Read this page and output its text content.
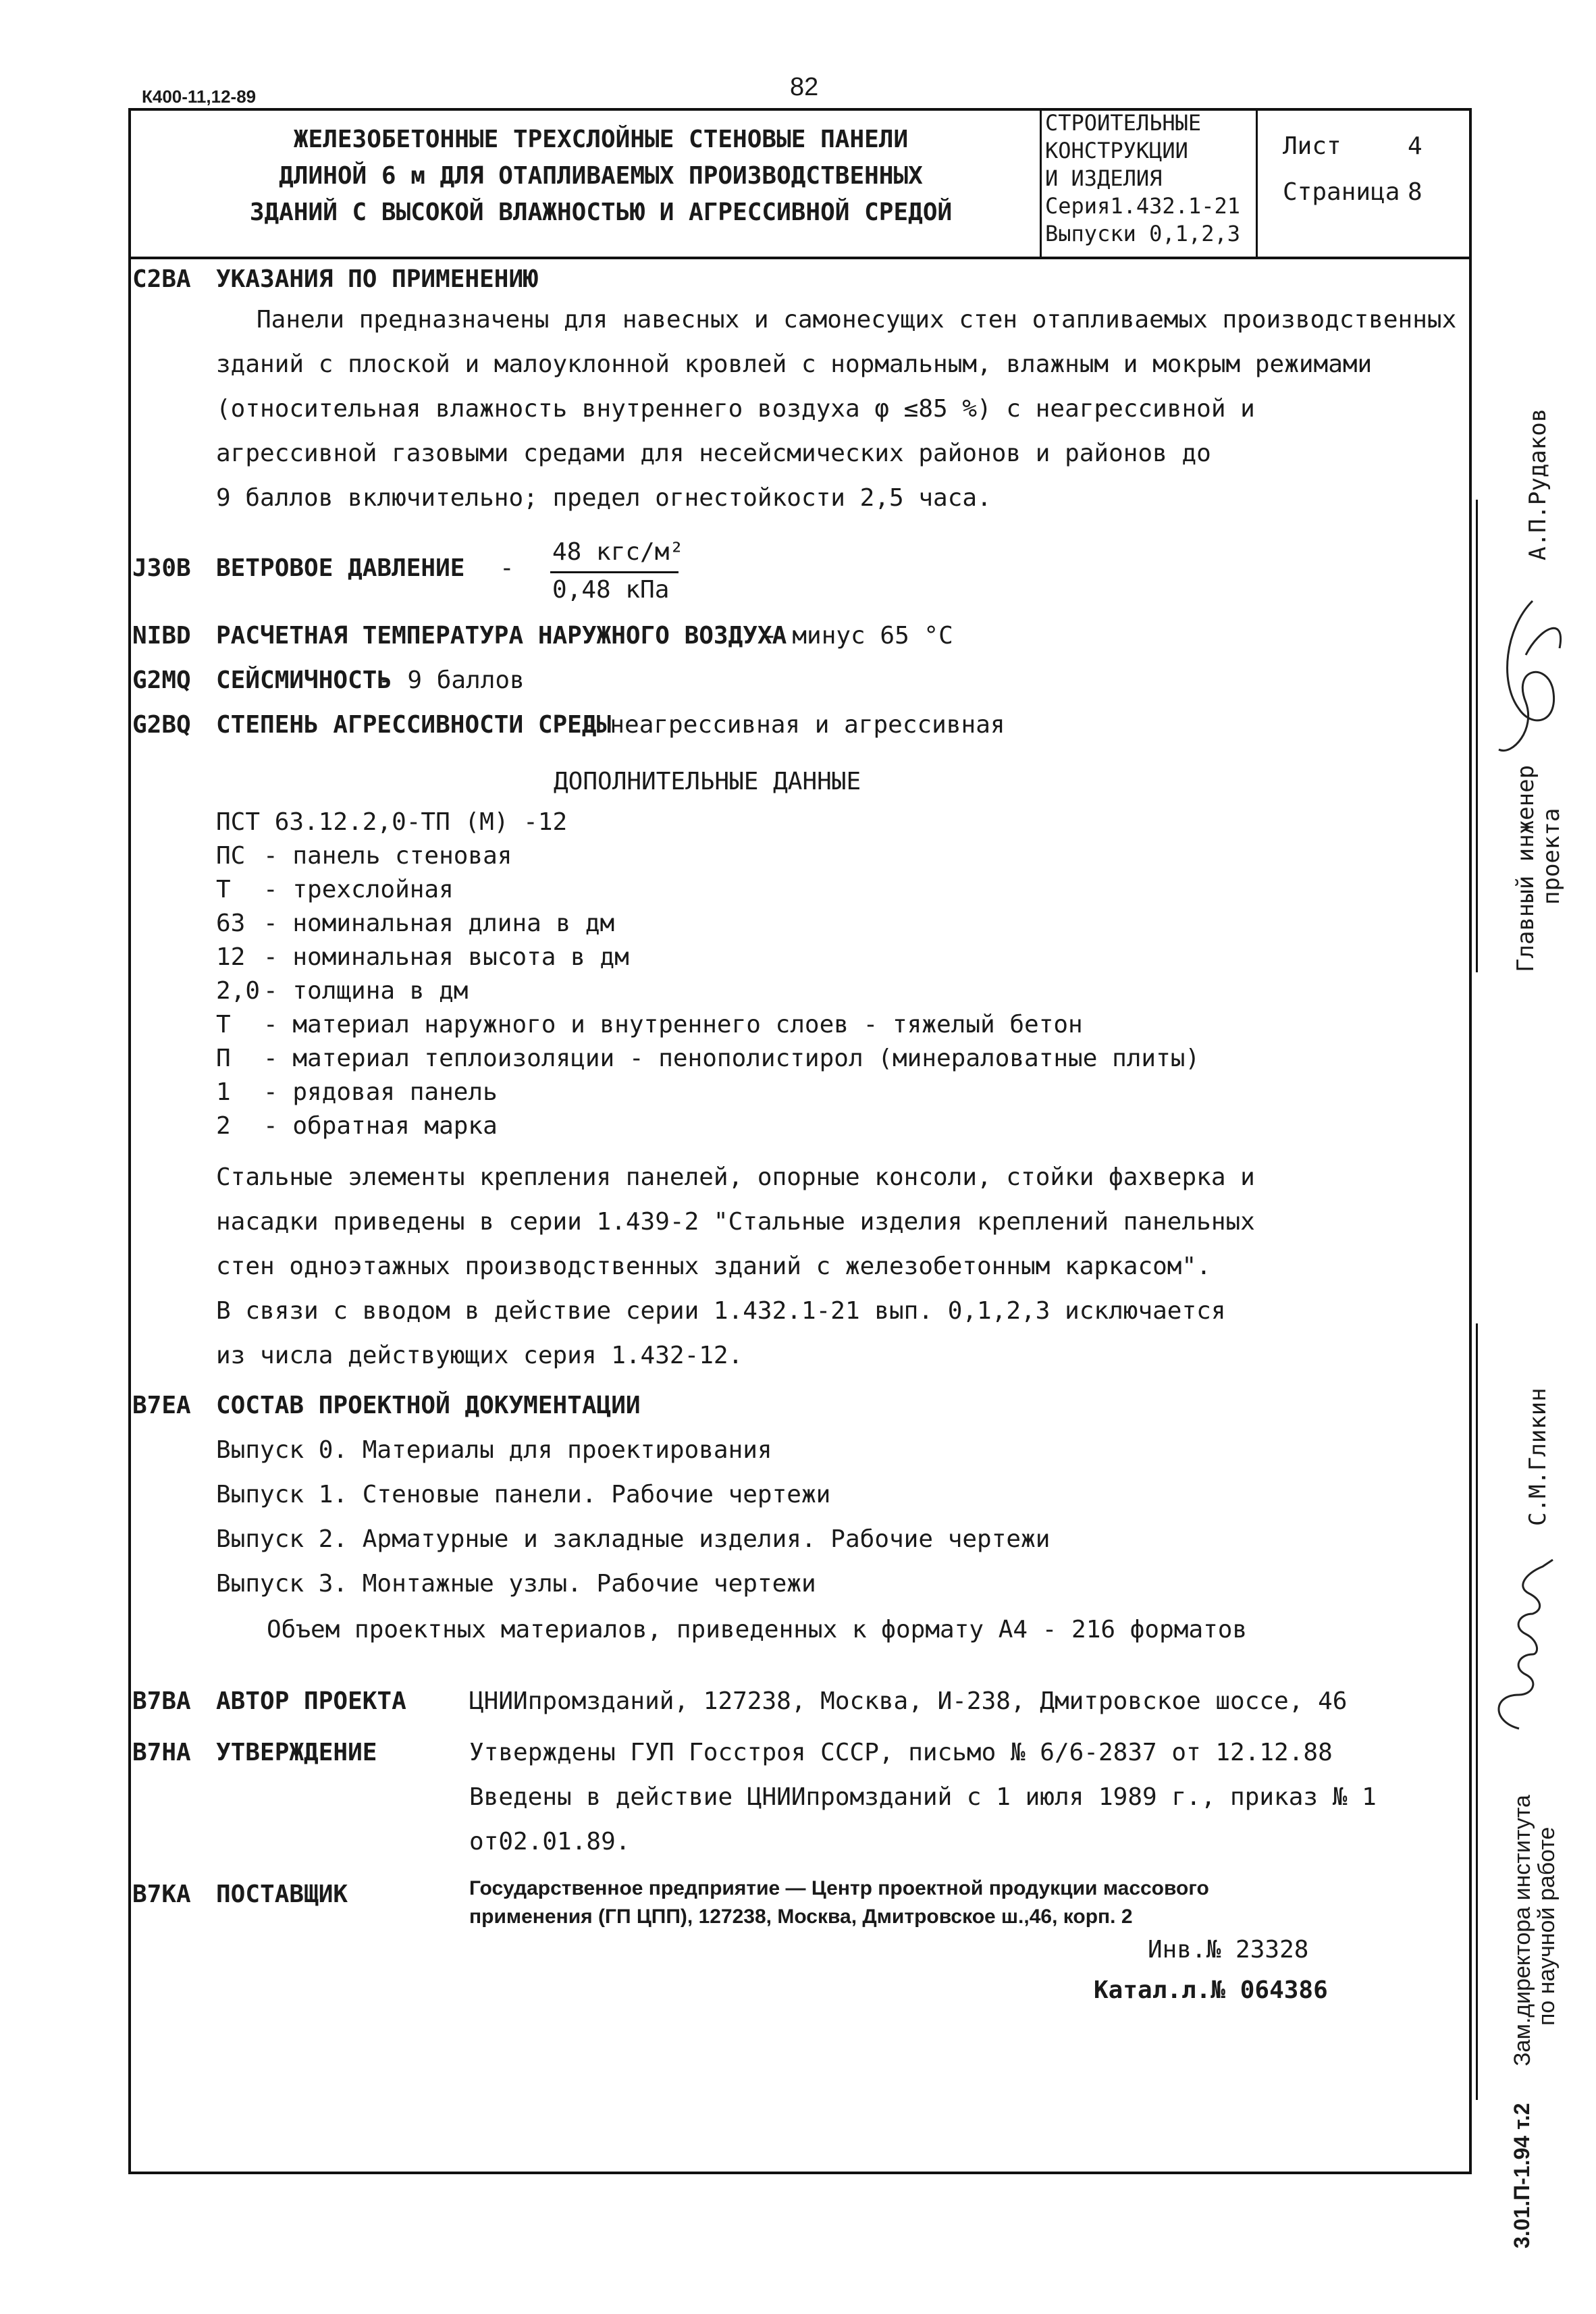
К400-11,12-89	82
ЖЕЛЕЗОБЕТОННЫЕ ТРЕХСЛОЙНЫЕ СТЕНОВЫЕ ПАНЕЛИ
ДЛИНОЙ 6 м ДЛЯ ОТАПЛИВАЕМЫХ ПРОИЗВОДСТВЕННЫХ
ЗДАНИЙ С ВЫСОКОЙ ВЛАЖНОСТЬЮ И АГРЕССИВНОЙ СРЕДОЙ
СТРОИТЕЛЬНЫЕ
КОНСТРУКЦИИ
И ИЗДЕЛИЯ
Серия1.432.1-21
Выпуски 0,1,2,3
Лист	4
Страница 8
С2ВА УКАЗАНИЯ ПО ПРИМЕНЕНИЮ
Панели предназначены для навесных и самонесущих стен отапливаемых производственных
зданий с плоской и малоуклонной кровлей с нормальным, влажным и мокрым режимами
(относительная влажность внутреннего воздуха φ ≤85 %) с неагрессивной и
агрессивной газовыми средами для несейсмических районов и районов до
9 баллов включительно; предел огнестойкости 2,5 часа.
J30В ВЕТРОВОЕ ДАВЛЕНИЕ -
48 кгс/м²
0,48 кПа
NIВD РАСЧЕТНАЯ ТЕМПЕРАТУРА НАРУЖНОГО ВОЗДУХА
- минус 65 °С
G2МQ СЕЙСМИЧНОСТЬ
- 9 баллов
G2ВQ СТЕПЕНЬ АГРЕССИВНОСТИ СРЕДЫ
- неагрессивная и агрессивная
ДОПОЛНИТЕЛЬНЫЕ ДАННЫЕ
ПСТ 63.12.2,0-ТП (М) -12
ПС - панель стеновая
Т - трехслойная
63 - номинальная длина в дм
12 - номинальная высота в дм
2,0 - толщина в дм
Т - материал наружного и внутреннего слоев - тяжелый бетон
П - материал теплоизоляции - пенополистирол (минераловатные плиты)
1 - рядовая панель
2 - обратная марка
Стальные элементы крепления панелей, опорные консоли, стойки фахверка и
насадки приведены в серии 1.439-2 "Стальные изделия креплений панельных
стен одноэтажных производственных зданий с железобетонным каркасом".
В связи с вводом в действие серии 1.432.1-21 вып. 0,1,2,3 исключается
из числа действующих серия 1.432-12.
В7ЕА СОСТАВ ПРОЕКТНОЙ ДОКУМЕНТАЦИИ
Выпуск 0. Материалы для проектирования
Выпуск 1. Стеновые панели. Рабочие чертежи
Выпуск 2. Арматурные и закладные изделия. Рабочие чертежи
Выпуск 3. Монтажные узлы. Рабочие чертежи
Объем проектных материалов, приведенных к формату А4 - 216 форматов
В7ВА АВТОР ПРОЕКТА	ЦНИИпромзданий, 127238, Москва, И-238, Дмитровское шоссе, 46
В7НА УТВЕРЖДЕНИЕ	Утверждены ГУП Госстроя СССР, письмо № 6/6-2837 от 12.12.88
Введены в действие ЦНИИпромзданий с 1 июля 1989 г., приказ № 1
от02.01.89.
В7КА ПОСТАВЩИК	Государственное предприятие — Центр проектной продукции массового
применения (ГП ЦПП), 127238, Москва, Дмитровское ш.,46, корп. 2
Инв.№ 23328
Катал.л.№ 064386
А.П.Рудаков
Главный инженер
проекта
С.М.Гликин
Зам.директора института
по научной работе
3.01.П-1.94 т.2
